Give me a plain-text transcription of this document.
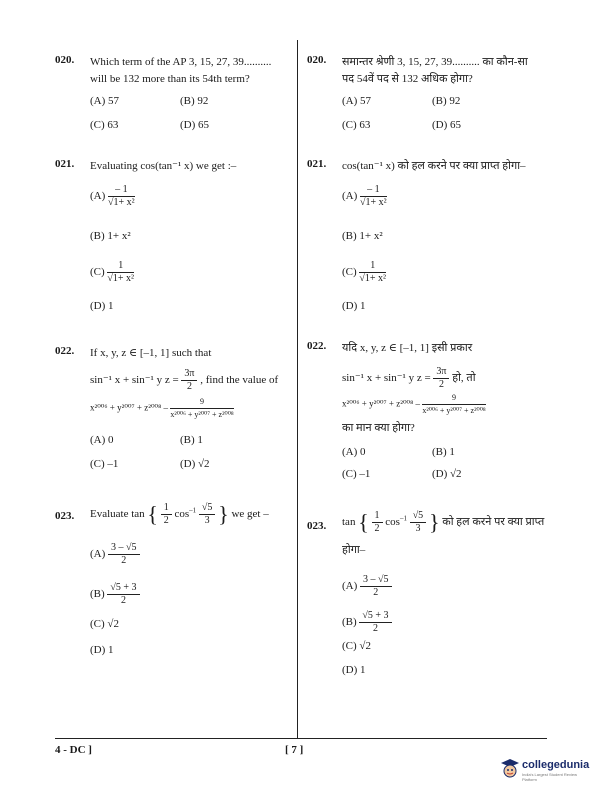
020. Which term of the AP 3, 15, 27, 39..........
will be 132 more than its 54th term?
(A) 57	(B) 92
(C) 63	(D) 65
021. Evaluating cos(tan⁻¹ x) we get :–
$(A) \frac{- 1}{\text{√1+ x²}}$
(B) 1+ x²
$(C) \frac{1}{\text{√1+ x²}}$
(D) 1
022. If x, y, z ∈ [–1, 1] such that
sin⁻¹ x + sin⁻¹ y $z = \frac{3\pi}{2}$ , find the value of
$x^{2006} + y^{2007} + z^{2008} - \frac{9}{\text{x²⁰⁰⁶ + y²⁰⁰⁷ + z²⁰⁰⁸}}$
(A) 0	(B) 1
(C) –1	(D) √2
023. Evaluate tan { $\frac{1}{2} \cos^{-1} \frac{√5}{3}$ } we get –
$(A) \frac{3 - √5}{2}$
$(B) \frac{√5 + 3}{2}$
(C) √2
(D) 1
020. समान्तर श्रेणी 3, 15, 27, 39.......... का कौन-सा
पद 54वें पद से 132 अधिक होगा?
(A) 57	(B) 92
(C) 63	(D) 65
021. cos(tan⁻¹ x) को हल करने पर क्या प्राप्त होगा–
$(A) \frac{- 1}{\text{√1+ x²}}$
(B) 1+ x²
$(C) \frac{1}{\text{√1+ x²}}$
(D) 1
022. यदि x, y, z ∈ [–1, 1] इसी प्रकार
sin⁻¹ x + sin⁻¹ y $z = \frac{3\pi}{2}$ हो, तो
$x^{2006} + y^{2007} + z^{2008} - \frac{9}{\text{x²⁰⁰⁶ + y²⁰⁰⁷ + z²⁰⁰⁸}}$
का मान क्या होगा?
(A) 0	(B) 1
(C) –1	(D) √2
023. tan { $\frac{1}{2} \cos^{-1} \frac{√5}{3}$ } को हल करने पर क्या प्राप्त
होगा–
$(A) \frac{3 - √5}{2}$
$(B) \frac{√5 + 3}{2}$
(C) √2
(D) 1
4 - DC ]	[ 7 ]
collegedunia
India's Largest Student Review Platform
